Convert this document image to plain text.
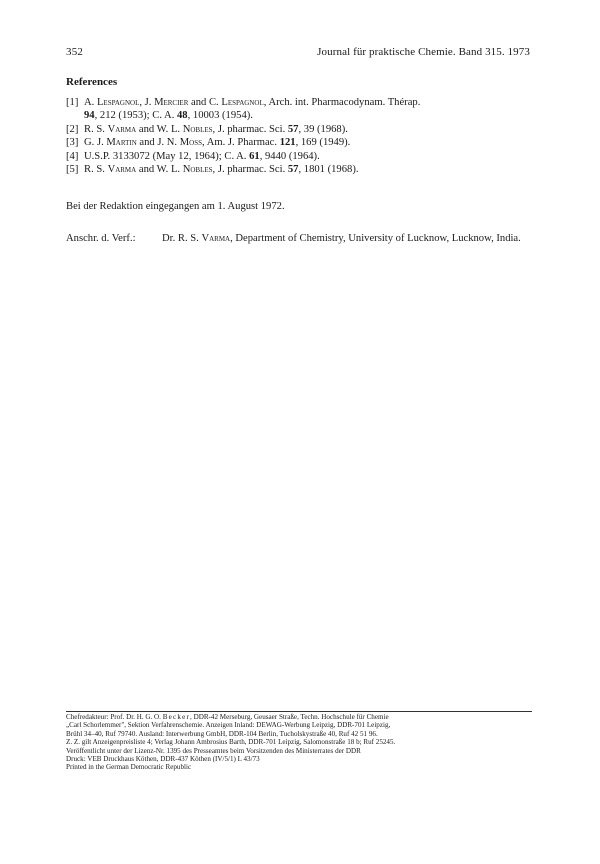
352	Journal für praktische Chemie. Band 315. 1973
References
[1] A. Lespagnol, J. Mercier and C. Lespagnol, Arch. int. Pharmacodynam. Thérap.
94, 212 (1953); C. A. 48, 10003 (1954).
[2] R. S. Varma and W. L. Nobles, J. pharmac. Sci. 57, 39 (1968).
[3] G. J. Martin and J. N. Moss, Am. J. Pharmac. 121, 169 (1949).
[4] U.S.P. 3133072 (May 12, 1964); C. A. 61, 9440 (1964).
[5] R. S. Varma and W. L. Nobles, J. pharmac. Sci. 57, 1801 (1968).
Bei der Redaktion eingegangen am 1. August 1972.
Anschr. d. Verf.:	Dr. R. S. Varma, Department of Chemistry, University of Lucknow, Lucknow, India.
Chefredakteur: Prof. Dr. H. G. O. Becker, DDR-42 Merseburg, Geusaer Straße, Techn. Hochschule für Chemie
„Carl Schorlemmer", Sektion Verfahrenschemie. Anzeigen Inland: DEWAG-Werbung Leipzig, DDR-701 Leipzig,
Brühl 34–40, Ruf 79740. Ausland: Interwerbung GmbH, DDR-104 Berlin, Tucholskystraße 40, Ruf 42 51 96.
Z. Z. gilt Anzeigenpreisliste 4; Verlag Johann Ambrosius Barth, DDR-701 Leipzig, Salomonstraße 18 b; Ruf 25245.
Veröffentlicht unter der Lizenz-Nr. 1395 des Presseamtes beim Vorsitzenden des Ministerrates der DDR
Druck: VEB Druckhaus Köthen, DDR-437 Köthen (IV/5/1) L 43/73
Printed in the German Democratic Republic
